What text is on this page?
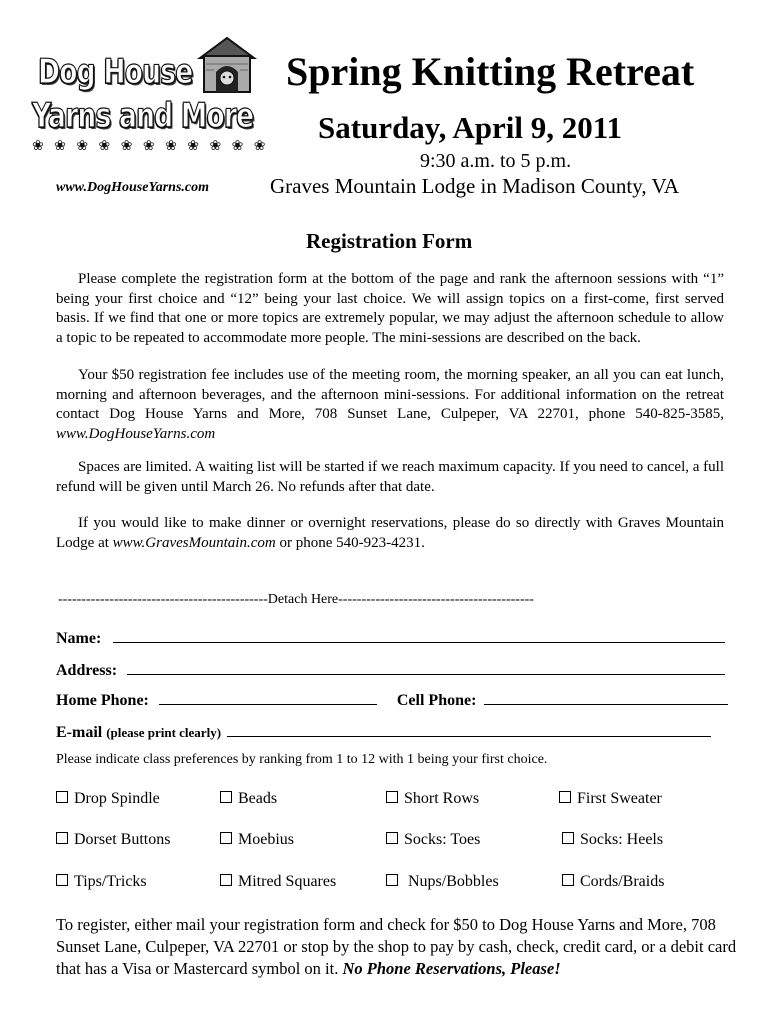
Dog House
Yarns and More
❀ ❀ ❀ ❀ ❀ ❀ ❀ ❀ ❀ ❀ ❀
www.DogHouseYarns.com
Spring Knitting Retreat
Saturday, April 9, 2011
9:30 a.m. to 5 p.m.
Graves Mountain Lodge in Madison County, VA
Registration Form
Please complete the registration form at the bottom of the page and rank the afternoon sessions with “1” being your first choice and “12” being your last choice. We will assign topics on a first-come, first served basis. If we find that one or more topics are extremely popular, we may adjust the afternoon schedule to allow a topic to be repeated to accommodate more people. The mini-sessions are described on the back.
Your $50 registration fee includes use of the meeting room, the morning speaker, an all you can eat lunch, morning and afternoon beverages, and the afternoon mini-sessions. For additional information on the retreat contact Dog House Yarns and More, 708 Sunset Lane, Culpeper, VA 22701, phone 540-825-3585, www.DogHouseYarns.com
Spaces are limited. A waiting list will be started if we reach maximum capacity. If you need to cancel, a full refund will be given until March 26. No refunds after that date.
If you would like to make dinner or overnight reservations, please do so directly with Graves Mountain Lodge at www.GravesMountain.com or phone 540-923-4231.
---------------------------------------------Detach Here------------------------------------------
Name:
Address:
Home Phone:	Cell Phone:
E-mail (please print clearly)
Please indicate class preferences by ranking from 1 to 12 with 1 being your first choice.
Drop Spindle	Beads	Short Rows	First Sweater
Dorset Buttons	Moebius	Socks: Toes	Socks: Heels
Tips/Tricks	Mitred Squares	Nups/Bobbles	Cords/Braids
To register, either mail your registration form and check for $50 to Dog House Yarns and More, 708 Sunset Lane, Culpeper, VA 22701 or stop by the shop to pay by cash, check, credit card, or a debit card that has a Visa or Mastercard symbol on it. No Phone Reservations, Please!
